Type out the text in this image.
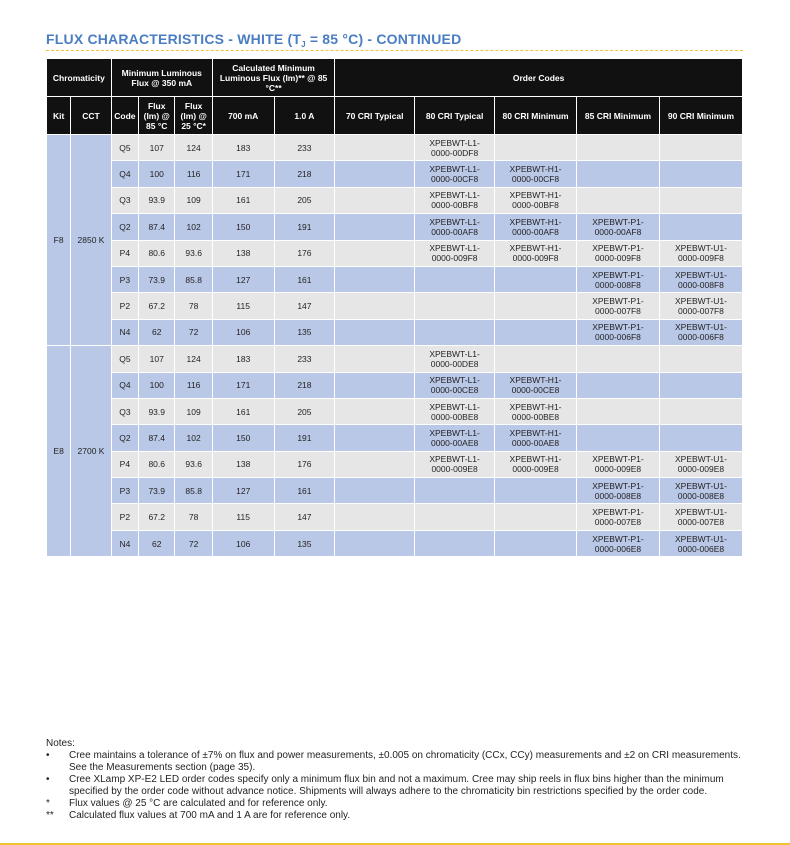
FLUX CHARACTERISTICS - WHITE ($T_J = 85$ °C) - CONTINUED
Chromaticity		Minimum Luminous Flux @ 350 mA			Calculated Minimum Luminous Flux (lm)** @ 85 °C**		Order Codes				
Kit	CCT	Code	Flux (lm) @ 85 °C	Flux (lm) @ 25 °C*	700 mA	1.0 A	70 CRI Typical	80 CRI Typical	80 CRI Minimum	85 CRI Minimum	90 CRI Minimum
F8	2850 K	Q5	107	124	183	233		XPEBWT-L1-
0000-00DF8			
		Q4	100	116	171	218		XPEBWT-L1-
0000-00CF8	XPEBWT-H1-
0000-00CF8		
		Q3	93.9	109	161	205		XPEBWT-L1-
0000-00BF8	XPEBWT-H1-
0000-00BF8		
		Q2	87.4	102	150	191		XPEBWT-L1-
0000-00AF8	XPEBWT-H1-
0000-00AF8	XPEBWT-P1-
0000-00AF8	
		P4	80.6	93.6	138	176		XPEBWT-L1-
0000-009F8	XPEBWT-H1-
0000-009F8	XPEBWT-P1-
0000-009F8	XPEBWT-U1-
0000-009F8
		P3	73.9	85.8	127	161				XPEBWT-P1-
0000-008F8	XPEBWT-U1-
0000-008F8
		P2	67.2	78	115	147				XPEBWT-P1-
0000-007F8	XPEBWT-U1-
0000-007F8
		N4	62	72	106	135				XPEBWT-P1-
0000-006F8	XPEBWT-U1-
0000-006F8
E8	2700 K	Q5	107	124	183	233		XPEBWT-L1-
0000-00DE8			
		Q4	100	116	171	218		XPEBWT-L1-
0000-00CE8	XPEBWT-H1-
0000-00CE8		
		Q3	93.9	109	161	205		XPEBWT-L1-
0000-00BE8	XPEBWT-H1-
0000-00BE8		
		Q2	87.4	102	150	191		XPEBWT-L1-
0000-00AE8	XPEBWT-H1-
0000-00AE8		
		P4	80.6	93.6	138	176		XPEBWT-L1-
0000-009E8	XPEBWT-H1-
0000-009E8	XPEBWT-P1-
0000-009E8	XPEBWT-U1-
0000-009E8
		P3	73.9	85.8	127	161				XPEBWT-P1-
0000-008E8	XPEBWT-U1-
0000-008E8
		P2	67.2	78	115	147				XPEBWT-P1-
0000-007E8	XPEBWT-U1-
0000-007E8
		N4	62	72	106	135				XPEBWT-P1-
0000-006E8	XPEBWT-U1-
0000-006E8
Notes:
•	Cree maintains a tolerance of ±7% on flux and power measurements, ±0.005 on chromaticity (CCx, CCy) measurements and ±2 on CRI measurements. See the Measurements section (page 35).
•	Cree XLamp XP-E2 LED order codes specify only a minimum flux bin and not a maximum. Cree may ship reels in flux bins higher than the minimum specified by the order code without advance notice. Shipments will always adhere to the chromaticity bin restrictions specified by the order code.
*	Flux values @ 25 °C are calculated and for reference only.
**	Calculated flux values at 700 mA and 1 A are for reference only.
